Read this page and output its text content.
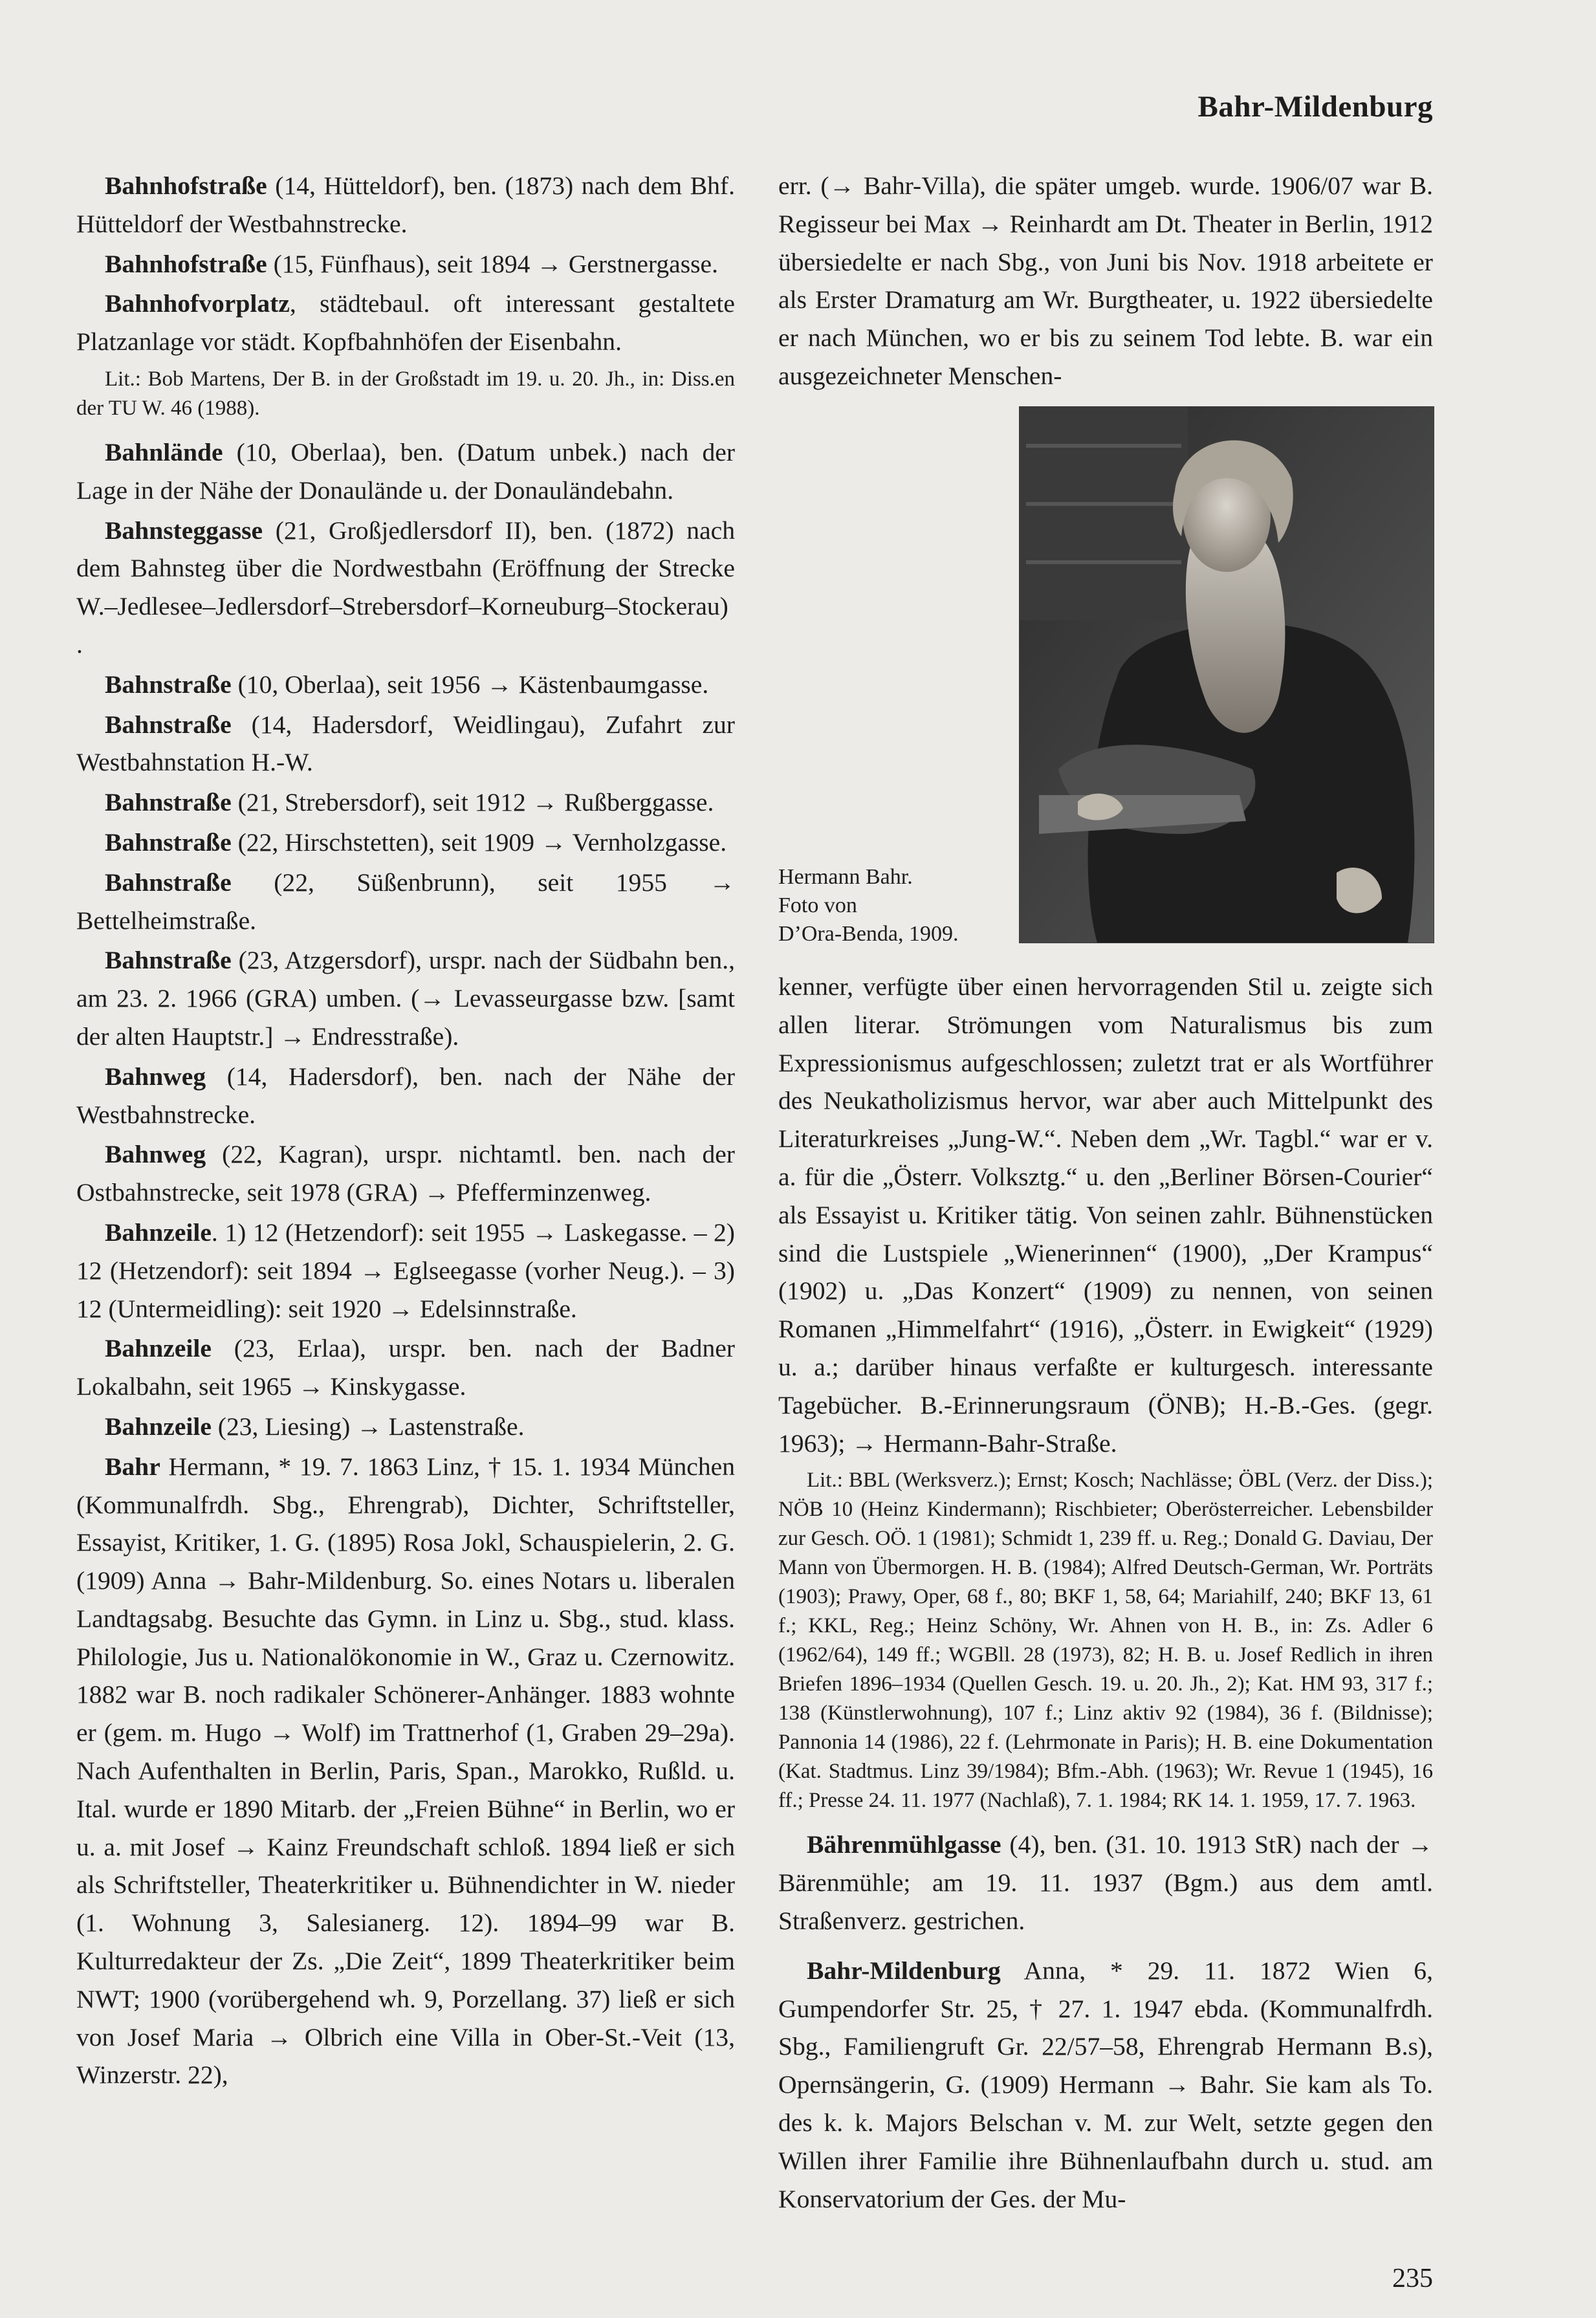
Bahr-Mildenburg

Bahnhofstraße (14, Hütteldorf), ben. (1873) nach dem Bhf. Hütteldorf der Westbahnstrecke.

Bahnhofstraße (15, Fünfhaus), seit 1894 → Gerstnergasse.

Bahnhofvorplatz, städtebaul. oft interessant gestaltete Platzanlage vor städt. Kopfbahnhöfen der Eisenbahn.

Lit.: Bob Martens, Der B. in der Großstadt im 19. u. 20. Jh., in: Diss.en der TU W. 46 (1988).

Bahnlände (10, Oberlaa), ben. (Datum unbek.) nach der Lage in der Nähe der Donaulände u. der Donauländebahn.

Bahnsteggasse (21, Großjedlersdorf II), ben. (1872) nach dem Bahnsteg über die Nordwestbahn (Eröffnung der Strecke W.–Jedlesee–Jedlersdorf–Strebersdorf–Korneuburg–Stockerau) .

Bahnstraße (10, Oberlaa), seit 1956 → Kästenbaumgasse.

Bahnstraße (14, Hadersdorf, Weidlingau), Zufahrt zur Westbahnstation H.-W.

Bahnstraße (21, Strebersdorf), seit 1912 → Rußberggasse.

Bahnstraße (22, Hirschstetten), seit 1909 → Vernholzgasse.

Bahnstraße (22, Süßenbrunn), seit 1955 → Bettelheimstraße.

Bahnstraße (23, Atzgersdorf), urspr. nach der Südbahn ben., am 23. 2. 1966 (GRA) umben. (→ Levasseurgasse bzw. [samt der alten Hauptstr.] → Endresstraße).

Bahnweg (14, Hadersdorf), ben. nach der Nähe der Westbahnstrecke.

Bahnweg (22, Kagran), urspr. nichtamtl. ben. nach der Ostbahnstrecke, seit 1978 (GRA) → Pfefferminzenweg.

Bahnzeile. 1) 12 (Hetzendorf): seit 1955 → Laskegasse. – 2) 12 (Hetzendorf): seit 1894 → Eglseegasse (vorher Neug.). – 3) 12 (Untermeidling): seit 1920 → Edelsinnstraße.

Bahnzeile (23, Erlaa), urspr. ben. nach der Badner Lokalbahn, seit 1965 → Kinskygasse.

Bahnzeile (23, Liesing) → Lastenstraße.

Bahr Hermann, * 19. 7. 1863 Linz, † 15. 1. 1934 München (Kommunalfrdh. Sbg., Ehrengrab), Dichter, Schriftsteller, Essayist, Kritiker, 1. G. (1895) Rosa Jokl, Schauspielerin, 2. G. (1909) Anna → Bahr-Mildenburg. So. eines Notars u. liberalen Landtagsabg. Besuchte das Gymn. in Linz u. Sbg., stud. klass. Philologie, Jus u. Nationalökonomie in W., Graz u. Czernowitz. 1882 war B. noch radikaler Schönerer-Anhänger. 1883 wohnte er (gem. m. Hugo → Wolf) im Trattnerhof (1, Graben 29–29a). Nach Aufenthalten in Berlin, Paris, Span., Marokko, Rußld. u. Ital. wurde er 1890 Mitarb. der „Freien Bühne“ in Berlin, wo er u. a. mit Josef → Kainz Freundschaft schloß. 1894 ließ er sich als Schriftsteller, Theaterkritiker u. Bühnendichter in W. nieder (1. Wohnung 3, Salesianerg. 12). 1894–99 war B. Kulturredakteur der Zs. „Die Zeit“, 1899 Theaterkritiker beim NWT; 1900 (vorübergehend wh. 9, Porzellang. 37) ließ er sich von Josef Maria → Olbrich eine Villa in Ober-St.-Veit (13, Winzerstr. 22),

err. (→ Bahr-Villa), die später umgeb. wurde. 1906/07 war B. Regisseur bei Max → Reinhardt am Dt. Theater in Berlin, 1912 übersiedelte er nach Sbg., von Juni bis Nov. 1918 arbeitete er als Erster Dramaturg am Wr. Burgtheater, u. 1922 übersiedelte er nach München, wo er bis zu seinem Tod lebte. B. war ein ausgezeichneter Menschen-

Hermann Bahr.
Foto von
D’Ora-Benda, 1909.

kenner, verfügte über einen hervorragenden Stil u. zeigte sich allen literar. Strömungen vom Naturalismus bis zum Expressionismus aufgeschlossen; zuletzt trat er als Wortführer des Neukatholizismus hervor, war aber auch Mittelpunkt des Literaturkreises „Jung-W.“. Neben dem „Wr. Tagbl.“ war er v. a. für die „Österr. Volksztg.“ u. den „Berliner Börsen-Courier“ als Essayist u. Kritiker tätig. Von seinen zahlr. Bühnenstücken sind die Lustspiele „Wienerinnen“ (1900), „Der Krampus“ (1902) u. „Das Konzert“ (1909) zu nennen, von seinen Romanen „Himmelfahrt“ (1916), „Österr. in Ewigkeit“ (1929) u. a.; darüber hinaus verfaßte er kulturgesch. interessante Tagebücher. B.-Erinnerungsraum (ÖNB); H.-B.-Ges. (gegr. 1963); → Hermann-Bahr-Straße.

Lit.: BBL (Werksverz.); Ernst; Kosch; Nachlässe; ÖBL (Verz. der Diss.); NÖB 10 (Heinz Kindermann); Rischbieter; Oberösterreicher. Lebensbilder zur Gesch. OÖ. 1 (1981); Schmidt 1, 239 ff. u. Reg.; Donald G. Daviau, Der Mann von Übermorgen. H. B. (1984); Alfred Deutsch-German, Wr. Porträts (1903); Prawy, Oper, 68 f., 80; BKF 1, 58, 64; Mariahilf, 240; BKF 13, 61 f.; KKL, Reg.; Heinz Schöny, Wr. Ahnen von H. B., in: Zs. Adler 6 (1962/64), 149 ff.; WGBll. 28 (1973), 82; H. B. u. Josef Redlich in ihren Briefen 1896–1934 (Quellen Gesch. 19. u. 20. Jh., 2); Kat. HM 93, 317 f.; 138 (Künstlerwohnung), 107 f.; Linz aktiv 92 (1984), 36 f. (Bildnisse); Pannonia 14 (1986), 22 f. (Lehrmonate in Paris); H. B. eine Dokumentation (Kat. Stadtmus. Linz 39/1984); Bfm.-Abh. (1963); Wr. Revue 1 (1945), 16 ff.; Presse 24. 11. 1977 (Nachlaß), 7. 1. 1984; RK 14. 1. 1959, 17. 7. 1963.

Bährenmühlgasse (4), ben. (31. 10. 1913 StR) nach der → Bärenmühle; am 19. 11. 1937 (Bgm.) aus dem amtl. Straßenverz. gestrichen.

Bahr-Mildenburg Anna, * 29. 11. 1872 Wien 6, Gumpendorfer Str. 25, † 27. 1. 1947 ebda. (Kommunalfrdh. Sbg., Familiengruft Gr. 22/57–58, Ehrengrab Hermann B.s), Opernsängerin, G. (1909) Hermann → Bahr. Sie kam als To. des k. k. Majors Belschan v. M. zur Welt, setzte gegen den Willen ihrer Familie ihre Bühnenlaufbahn durch u. stud. am Konservatorium der Ges. der Mu-

235
